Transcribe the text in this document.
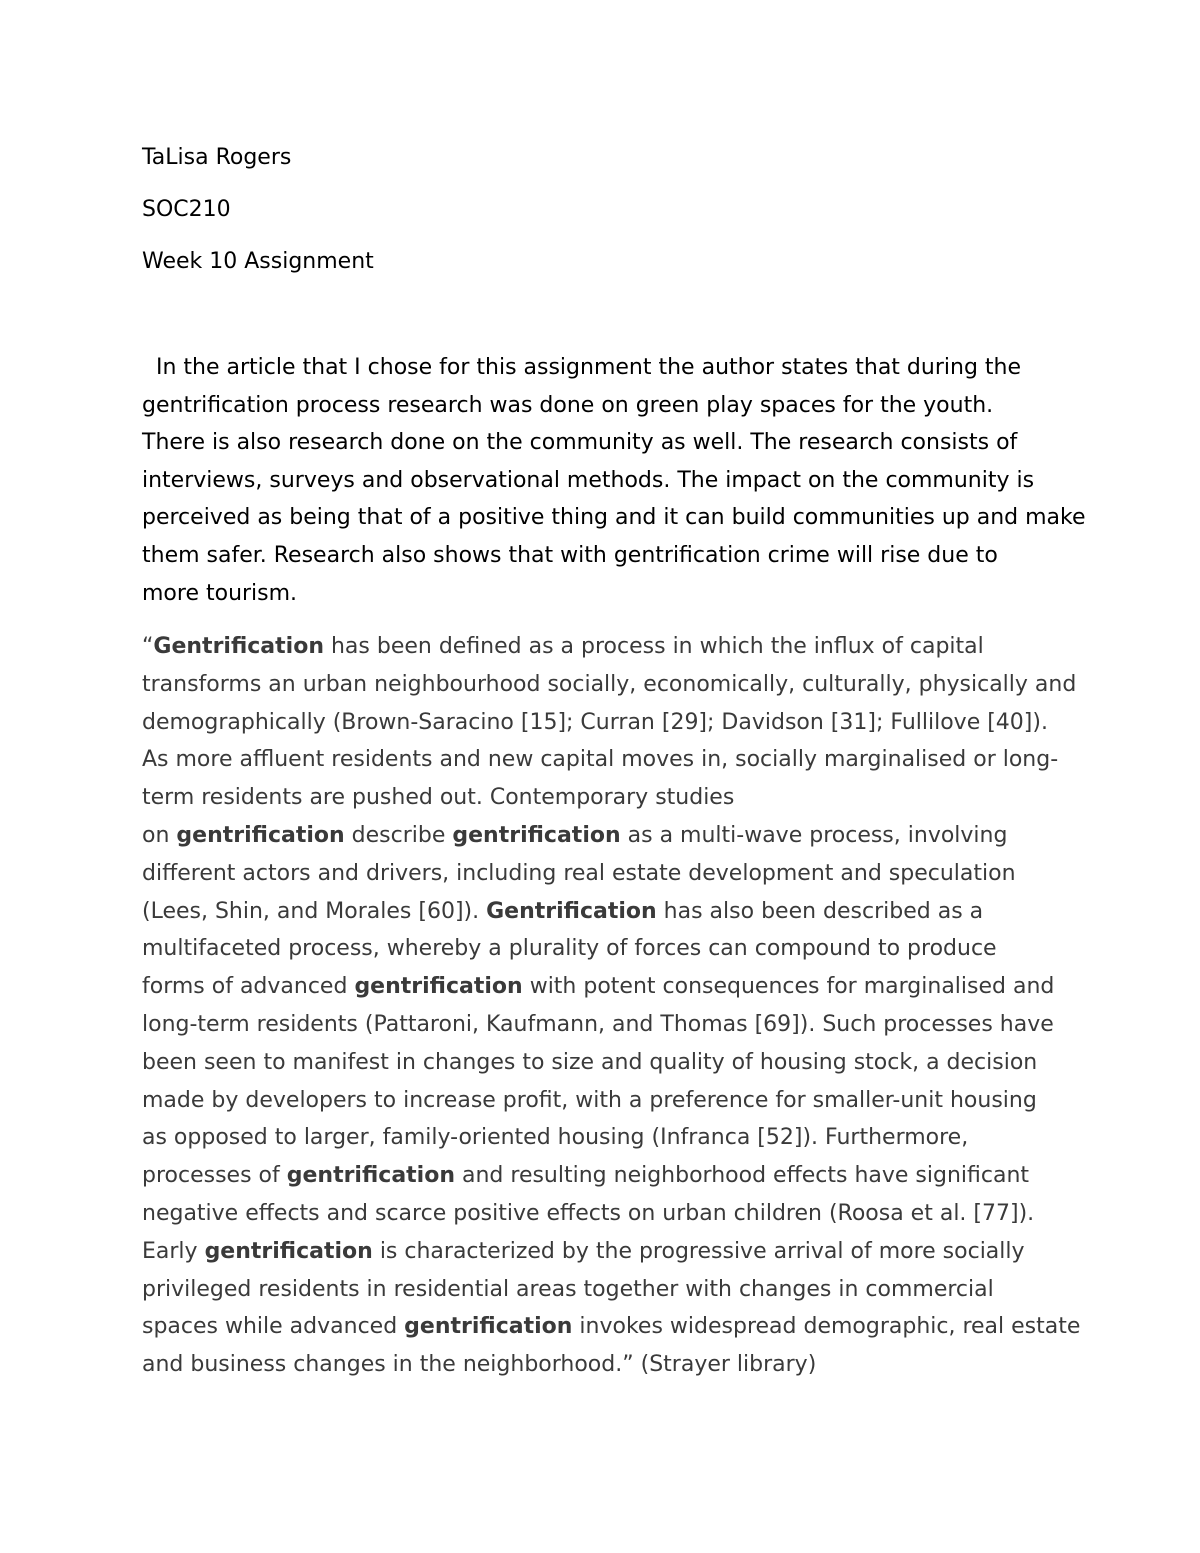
TaLisa Rogers
SOC210
Week 10 Assignment
In the article that I chose for this assignment the author states that during the
gentrification process research was done on green play spaces for the youth.
There is also research done on the community as well. The research consists of
interviews, surveys and observational methods. The impact on the community is
perceived as being that of a positive thing and it can build communities up and make
them safer. Research also shows that with gentrification crime will rise due to
more tourism.
“Gentrification has been defined as a process in which the influx of capital
transforms an urban neighbourhood socially, economically, culturally, physically and
demographically (Brown-Saracino [15]; Curran [29]; Davidson [31]; Fullilove [40]).
As more affluent residents and new capital moves in, socially marginalised or long-
term residents are pushed out. Contemporary studies
on gentrification describe gentrification as a multi-wave process, involving
different actors and drivers, including real estate development and speculation
(Lees, Shin, and Morales [60]). Gentrification has also been described as a
multifaceted process, whereby a plurality of forces can compound to produce
forms of advanced gentrification with potent consequences for marginalised and
long-term residents (Pattaroni, Kaufmann, and Thomas [69]). Such processes have
been seen to manifest in changes to size and quality of housing stock, a decision
made by developers to increase profit, with a preference for smaller-unit housing
as opposed to larger, family-oriented housing (Infranca [52]). Furthermore,
processes of gentrification and resulting neighborhood effects have significant
negative effects and scarce positive effects on urban children (Roosa et al. [77]).
Early gentrification is characterized by the progressive arrival of more socially
privileged residents in residential areas together with changes in commercial
spaces while advanced gentrification invokes widespread demographic, real estate
and business changes in the neighborhood.” (Strayer library)
